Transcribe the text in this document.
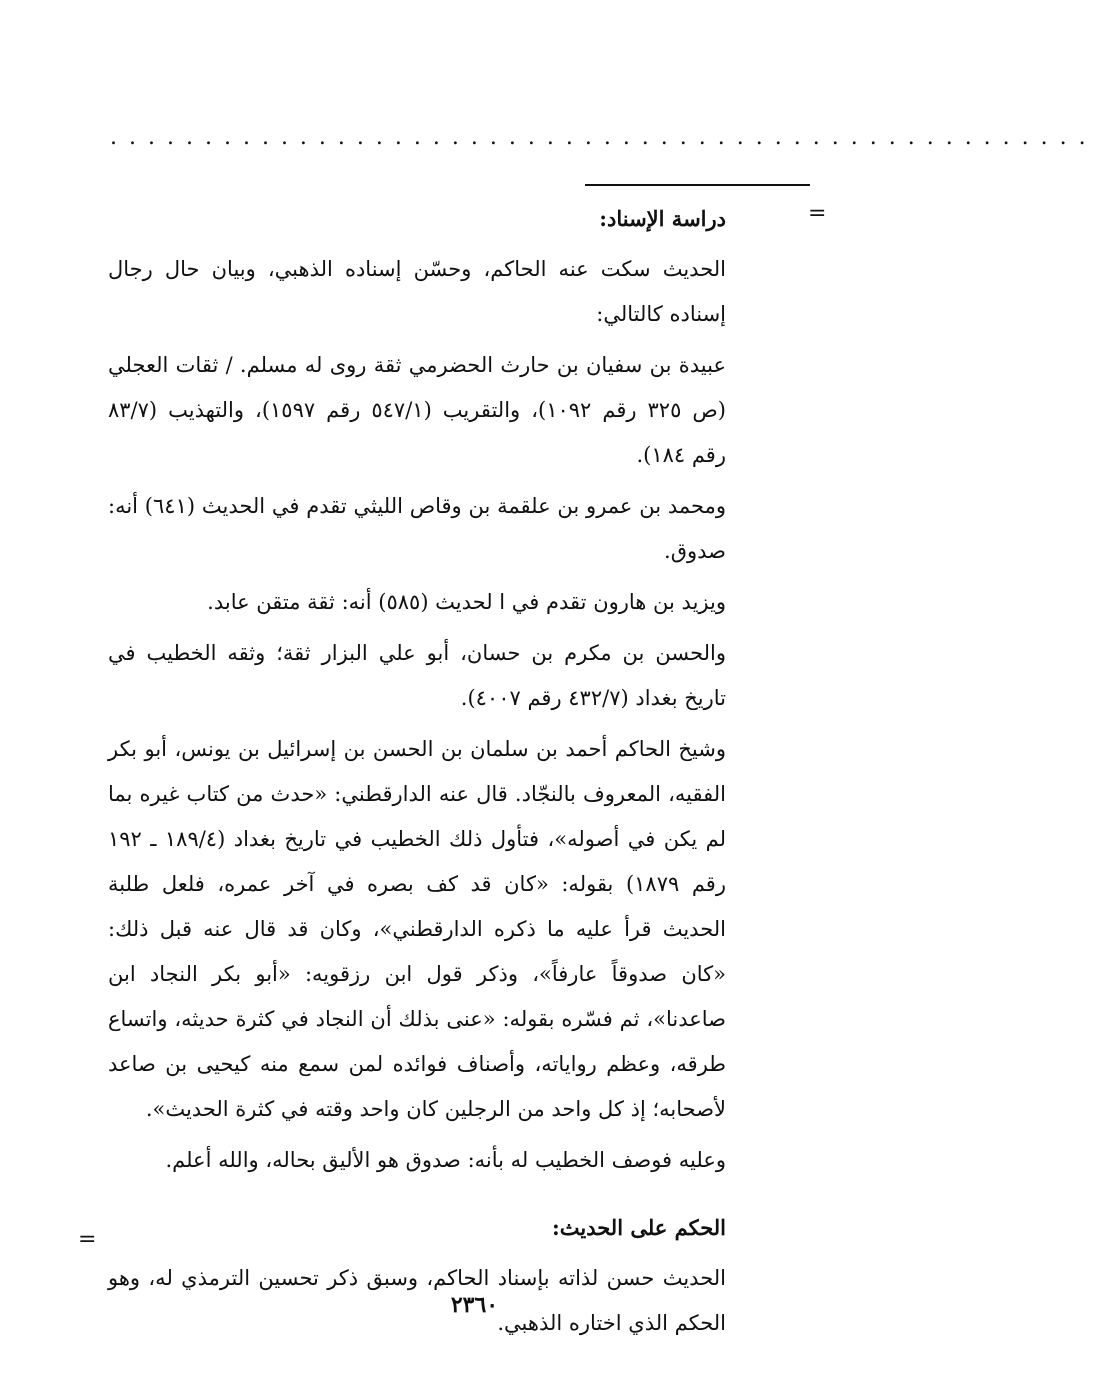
....................................................
=

دراسة الإسناد:

الحديث سكت عنه الحاكم، وحسّن إسناده الذهبي، وبيان حال رجال إسناده كالتالي:

عبيدة بن سفيان بن حارث الحضرمي ثقة روى له مسلم. / ثقات العجلي (ص ٣٢٥ رقم ١٠٩٢)، والتقريب (٥٤٧/١ رقم ١٥٩٧)، والتهذيب (٨٣/٧ رقم ١٨٤).

ومحمد بن عمرو بن علقمة بن وقاص الليثي تقدم في الحديث (٦٤١) أنه: صدوق.

ويزيد بن هارون تقدم في ا لحديث (٥٨٥) أنه: ثقة متقن عابد.

والحسن بن مكرم بن حسان، أبو علي البزار ثقة؛ وثقه الخطيب في تاريخ بغداد (٤٣٢/٧ رقم ٤٠٠٧).

وشيخ الحاكم أحمد بن سلمان بن الحسن بن إسرائيل بن يونس، أبو بكر الفقيه، المعروف بالنجّاد. قال عنه الدارقطني: «حدث من كتاب غيره بما لم يكن في أصوله»، فتأول ذلك الخطيب في تاريخ بغداد (١٨٩/٤ ـ ١٩٢ رقم ١٨٧٩) بقوله: «كان قد كف بصره في آخر عمره، فلعل طلبة الحديث قرأ عليه ما ذكره الدارقطني»، وكان قد قال عنه قبل ذلك: «كان صدوقاً عارفاً»، وذكر قول ابن رزقويه: «أبو بكر النجاد ابن صاعدنا»، ثم فسّره بقوله: «عنى بذلك أن النجاد في كثرة حديثه، واتساع طرقه، وعظم رواياته، وأصناف فوائده لمن سمع منه كيحيى بن صاعد لأصحابه؛ إذ كل واحد من الرجلين كان واحد وقته في كثرة الحديث».

وعليه فوصف الخطيب له بأنه: صدوق هو الأليق بحاله، والله أعلم.

الحكم على الحديث:

الحديث حسن لذاته بإسناد الحاكم، وسبق ذكر تحسين الترمذي له، وهو الحكم الذي اختاره الذهبي.

=
٢٣٦٠
